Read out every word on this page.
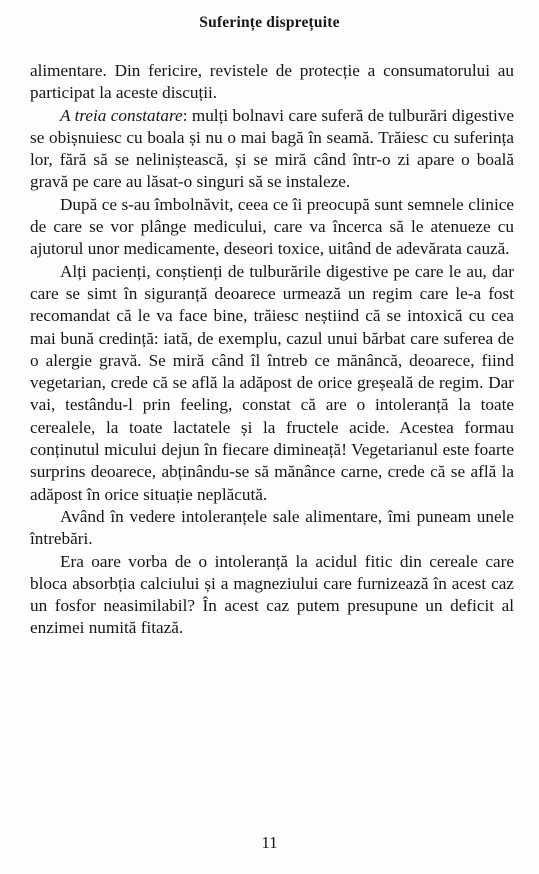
Suferințe disprețuite

alimentare. Din fericire, revistele de protecție a consumatorului au participat la aceste discuții.

A treia constatare: mulți bolnavi care suferă de tulburări digestive se obișnuiesc cu boala și nu o mai bagă în seamă. Trăiesc cu suferința lor, fără să se neliniștească, și se miră când într-o zi apare o boală gravă pe care au lăsat-o singuri să se instaleze.

După ce s-au îmbolnăvit, ceea ce îi preocupă sunt semnele clinice de care se vor plânge medicului, care va încerca să le atenueze cu ajutorul unor medicamente, deseori toxice, uitând de adevărata cauză.

Alți pacienți, conștienți de tulburările digestive pe care le au, dar care se simt în siguranță deoarece urmează un regim care le-a fost recomandat că le va face bine, trăiesc neștiind că se intoxică cu cea mai bună credință: iată, de exemplu, cazul unui bărbat care suferea de o alergie gravă. Se miră când îl întreb ce mănâncă, deoarece, fiind vegetarian, crede că se află la adăpost de orice greșeală de regim. Dar vai, testându-l prin feeling, constat că are o intoleranță la toate cerealele, la toate lactatele și la fructele acide. Acestea formau conținutul micului dejun în fiecare dimineață! Vegetarianul este foarte surprins deoarece, abținându-se să mănânce carne, crede că se află la adăpost în orice situație neplăcută.

Având în vedere intoleranțele sale alimentare, îmi puneam unele întrebări.

Era oare vorba de o intoleranță la acidul fitic din cereale care bloca absorbția calciului și a magneziului care furnizează în acest caz un fosfor neasimilabil? În acest caz putem presupune un deficit al enzimei numită fitază.

11
